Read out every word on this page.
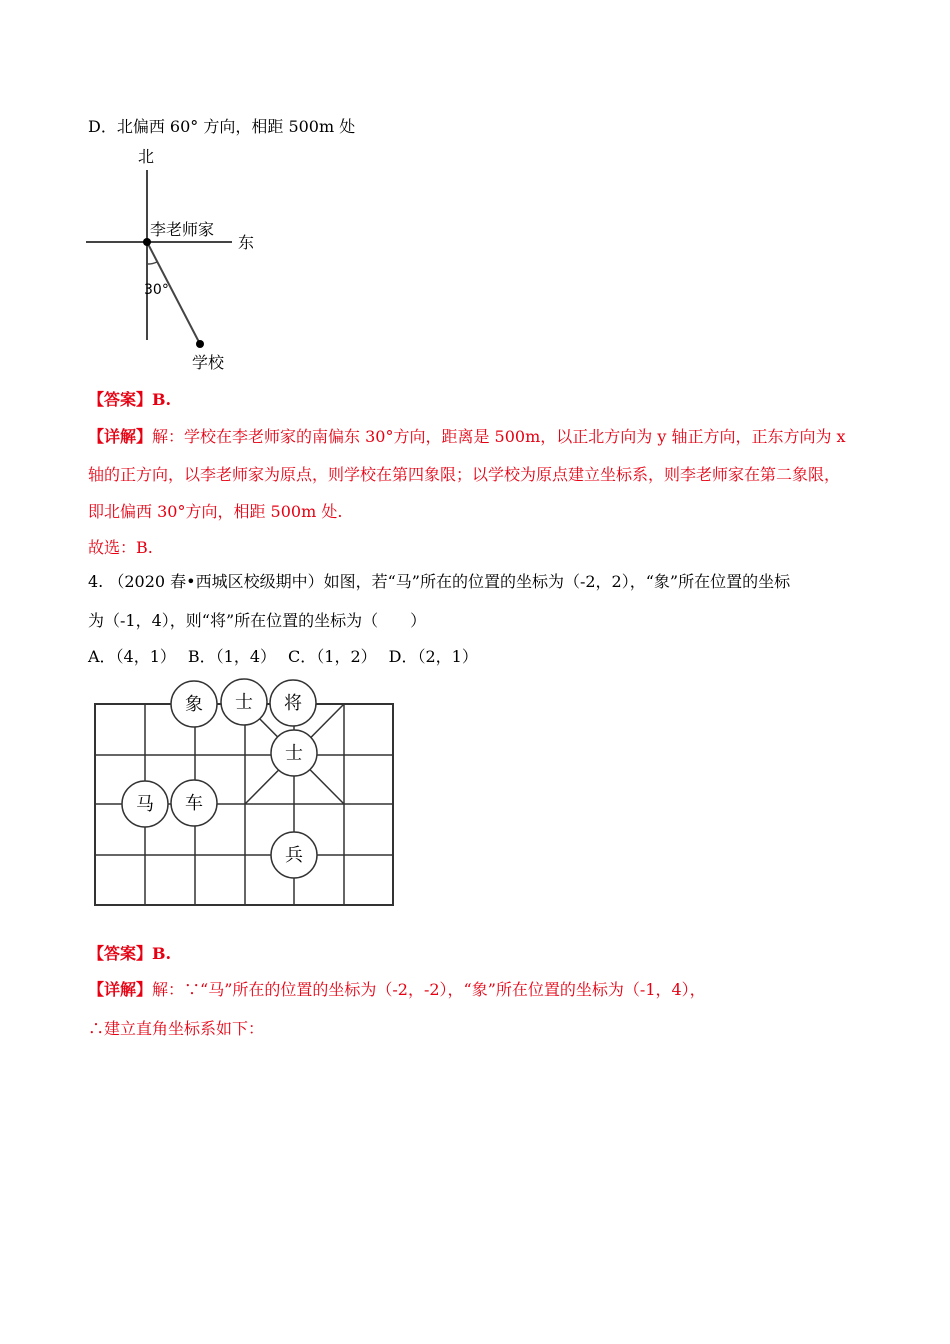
D．北偏西 60° 方向，相距 500m 处
北
东
李老师家
30°
学校
【答案】B.
【详解】解：学校在李老师家的南偏东 30°方向，距离是 500m，以正北方向为 y 轴正方向，正东方向为 x
轴的正方向，以李老师家为原点，则学校在第四象限；以学校为原点建立坐标系，则李老师家在第二象限，
即北偏西 30°方向，相距 500m 处.
故选：B.
4. （2020 春•西城区校级期中）如图，若“马”所在的位置的坐标为（-2，2），“象”所在位置的坐标
为（-1，4），则“将”所在位置的坐标为（　　）
A．（4，1） B．（1，4） C．（1，2） D．（2，1）
象 士 将
士
马 车
兵
【答案】B.
【详解】解：∵“马”所在的位置的坐标为（-2，-2），“象”所在位置的坐标为（-1，4），
∴建立直角坐标系如下：
